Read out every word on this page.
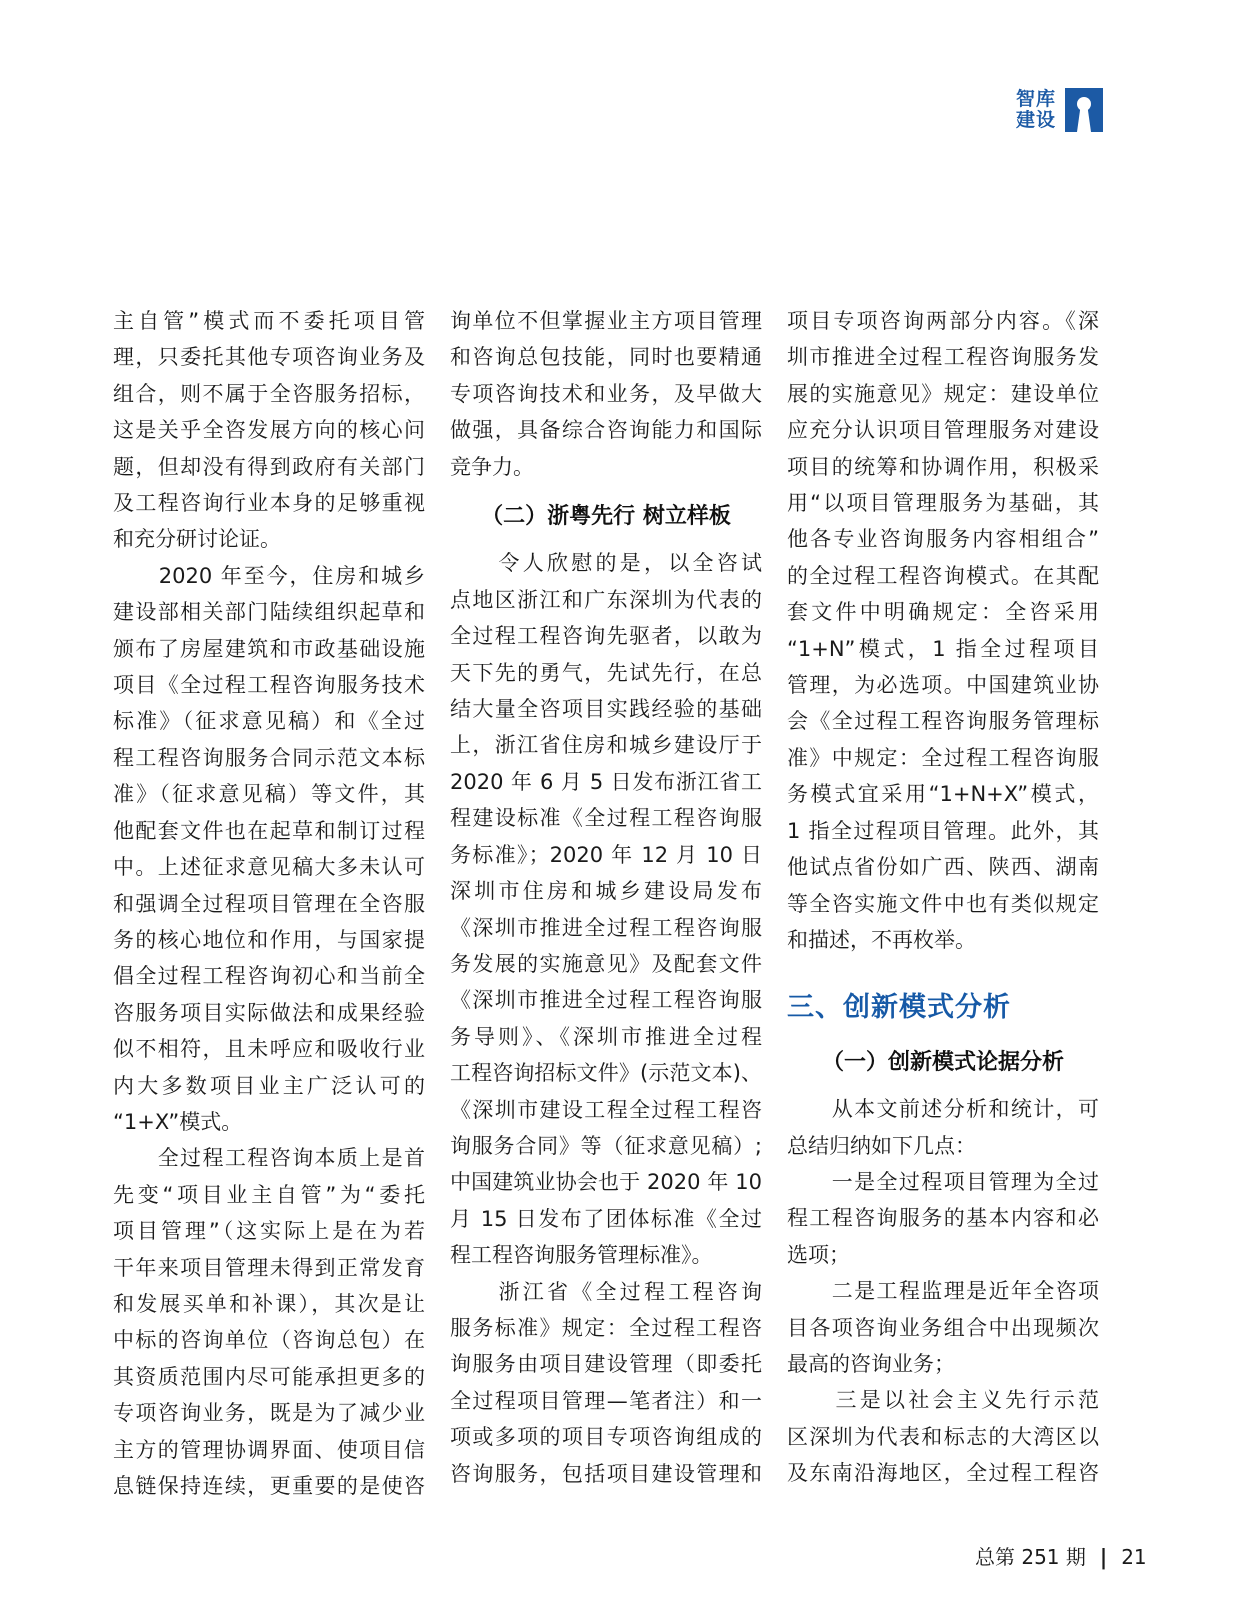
智库
建设
主自管”模式而不委托项目管
理，只委托其他专项咨询业务及
组合，则不属于全咨服务招标，
这是关乎全咨发展方向的核心问
题，但却没有得到政府有关部门
及工程咨询行业本身的足够重视
和充分研讨论证。
　　2020 年至今，住房和城乡
建设部相关部门陆续组织起草和
颁布了房屋建筑和市政基础设施
项目《全过程工程咨询服务技术
标准》（征求意见稿）和《全过
程工程咨询服务合同示范文本标
准》（征求意见稿）等文件，其
他配套文件也在起草和制订过程
中。上述征求意见稿大多未认可
和强调全过程项目管理在全咨服
务的核心地位和作用，与国家提
倡全过程工程咨询初心和当前全
咨服务项目实际做法和成果经验
似不相符，且未呼应和吸收行业
内大多数项目业主广泛认可的
“1+X”模式。
　　全过程工程咨询本质上是首
先变“项目业主自管”为“委托
项目管理”（这实际上是在为若
干年来项目管理未得到正常发育
和发展买单和补课），其次是让
中标的咨询单位（咨询总包）在
其资质范围内尽可能承担更多的
专项咨询业务，既是为了减少业
主方的管理协调界面、使项目信
息链保持连续，更重要的是使咨
询单位不但掌握业主方项目管理
和咨询总包技能，同时也要精通
专项咨询技术和业务，及早做大
做强，具备综合咨询能力和国际
竞争力。
（二）浙粤先行 树立样板
　　令人欣慰的是，以全咨试
点地区浙江和广东深圳为代表的
全过程工程咨询先驱者，以敢为
天下先的勇气，先试先行，在总
结大量全咨项目实践经验的基础
上，浙江省住房和城乡建设厅于
2020 年 6 月 5 日发布浙江省工
程建设标准《全过程工程咨询服
务标准》；2020 年 12 月 10 日
深圳市住房和城乡建设局发布
《深圳市推进全过程工程咨询服
务发展的实施意见》及配套文件
《深圳市推进全过程工程咨询服
务导则》、《深圳市推进全过程
工程咨询招标文件》(示范文本)、
《深圳市建设工程全过程工程咨
询服务合同》等（征求意见稿）;
中国建筑业协会也于 2020 年 10
月 15 日发布了团体标准《全过
程工程咨询服务管理标准》。
　　浙江省《全过程工程咨询
服务标准》规定：全过程工程咨
询服务由项目建设管理（即委托
全过程项目管理—笔者注）和一
项或多项的项目专项咨询组成的
咨询服务，包括项目建设管理和
项目专项咨询两部分内容。《深
圳市推进全过程工程咨询服务发
展的实施意见》规定：建设单位
应充分认识项目管理服务对建设
项目的统筹和协调作用，积极采
用“以项目管理服务为基础，其
他各专业咨询服务内容相组合”
的全过程工程咨询模式。在其配
套文件中明确规定：全咨采用
“1+N”模式，1 指全过程项目
管理，为必选项。中国建筑业协
会《全过程工程咨询服务管理标
准》中规定：全过程工程咨询服
务模式宜采用“1+N+X”模式，
1 指全过程项目管理。此外，其
他试点省份如广西、陕西、湖南
等全咨实施文件中也有类似规定
和描述，不再枚举。
三、创新模式分析
（一）创新模式论据分析
　　从本文前述分析和统计，可
总结归纳如下几点：
　　一是全过程项目管理为全过
程工程咨询服务的基本内容和必
选项；
　　二是工程监理是近年全咨项
目各项咨询业务组合中出现频次
最高的咨询业务；
　　三是以社会主义先行示范
区深圳为代表和标志的大湾区以
及东南沿海地区，全过程工程咨
总第 251 期 | 21
